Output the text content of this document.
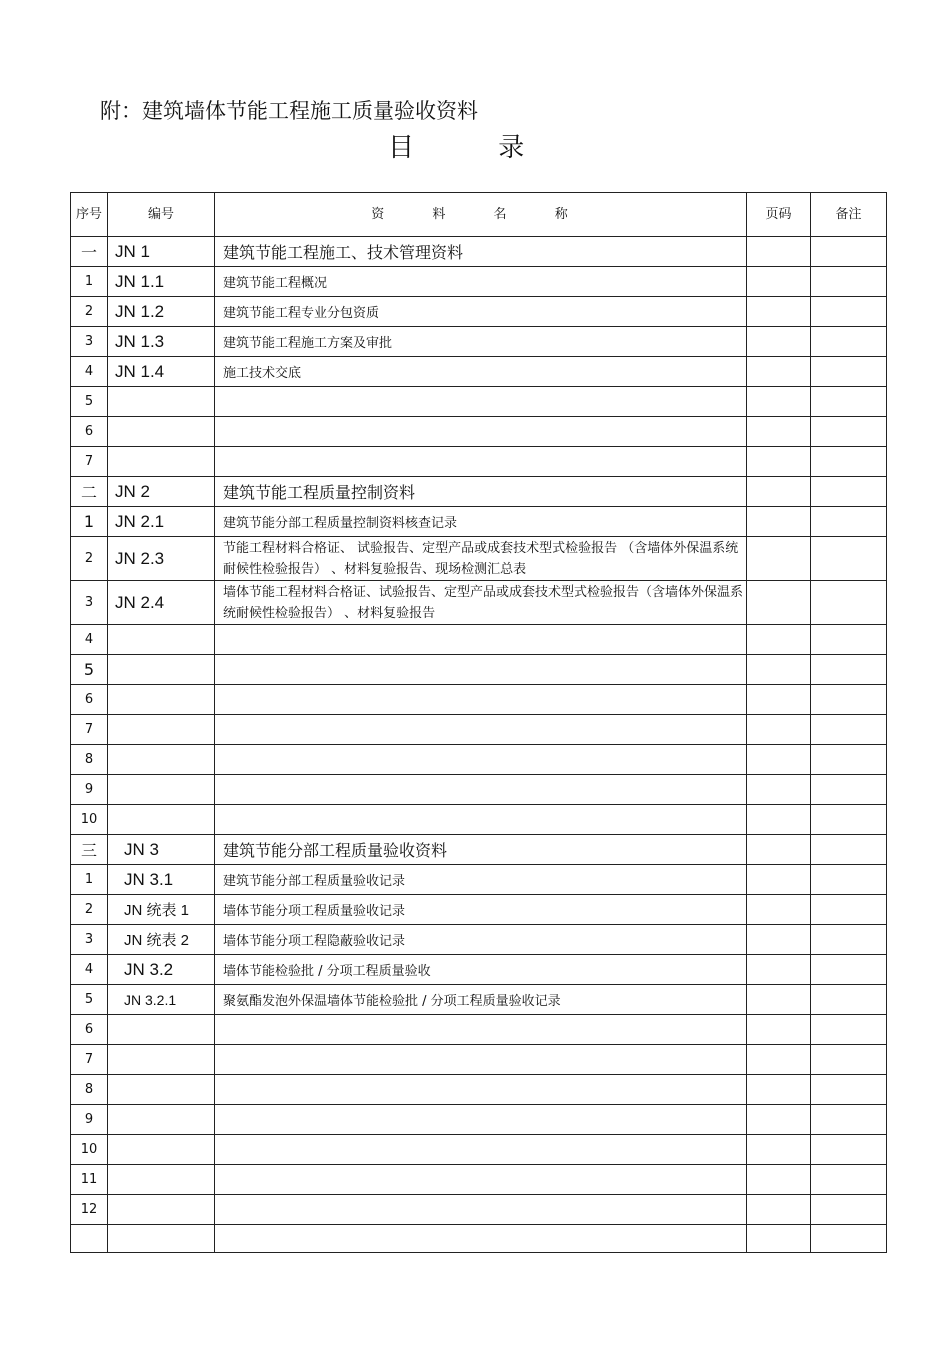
附：建筑墙体节能工程施工质量验收资料
目 录
序号	编号	资 料 名 称	页码	备注
一	JN 1	建筑节能工程施工、技术管理资料		
1	JN 1.1	建筑节能工程概况		
2	JN 1.2	建筑节能工程专业分包资质		
3	JN 1.3	建筑节能工程施工方案及审批		
4	JN 1.4	施工技术交底		
5				
6				
7				
二	JN 2	建筑节能工程质量控制资料		
1	JN 2.1	建筑节能分部工程质量控制资料核查记录		
2	JN 2.3	节能工程材料合格证、 试验报告、定型产品或成套技术型式检验报告 （含墙体外保温系统耐候性检验报告） 、材料复验报告、现场检测汇总表		
3	JN 2.4	墙体节能工程材料合格证、试验报告、定型产品或成套技术型式检验报告（含墙体外保温系统耐候性检验报告） 、材料复验报告		
4				
5				
6				
7				
8				
9				
10				
三	JN 3	建筑节能分部工程质量验收资料		
1	JN 3.1	建筑节能分部工程质量验收记录		
2	JN 统表 1	墙体节能分项工程质量验收记录		
3	JN 统表 2	墙体节能分项工程隐蔽验收记录		
4	JN 3.2	墙体节能检验批 / 分项工程质量验收		
5	JN 3.2.1	聚氨酯发泡外保温墙体节能检验批 / 分项工程质量验收记录		
6				
7				
8				
9				
10				
11				
12				
